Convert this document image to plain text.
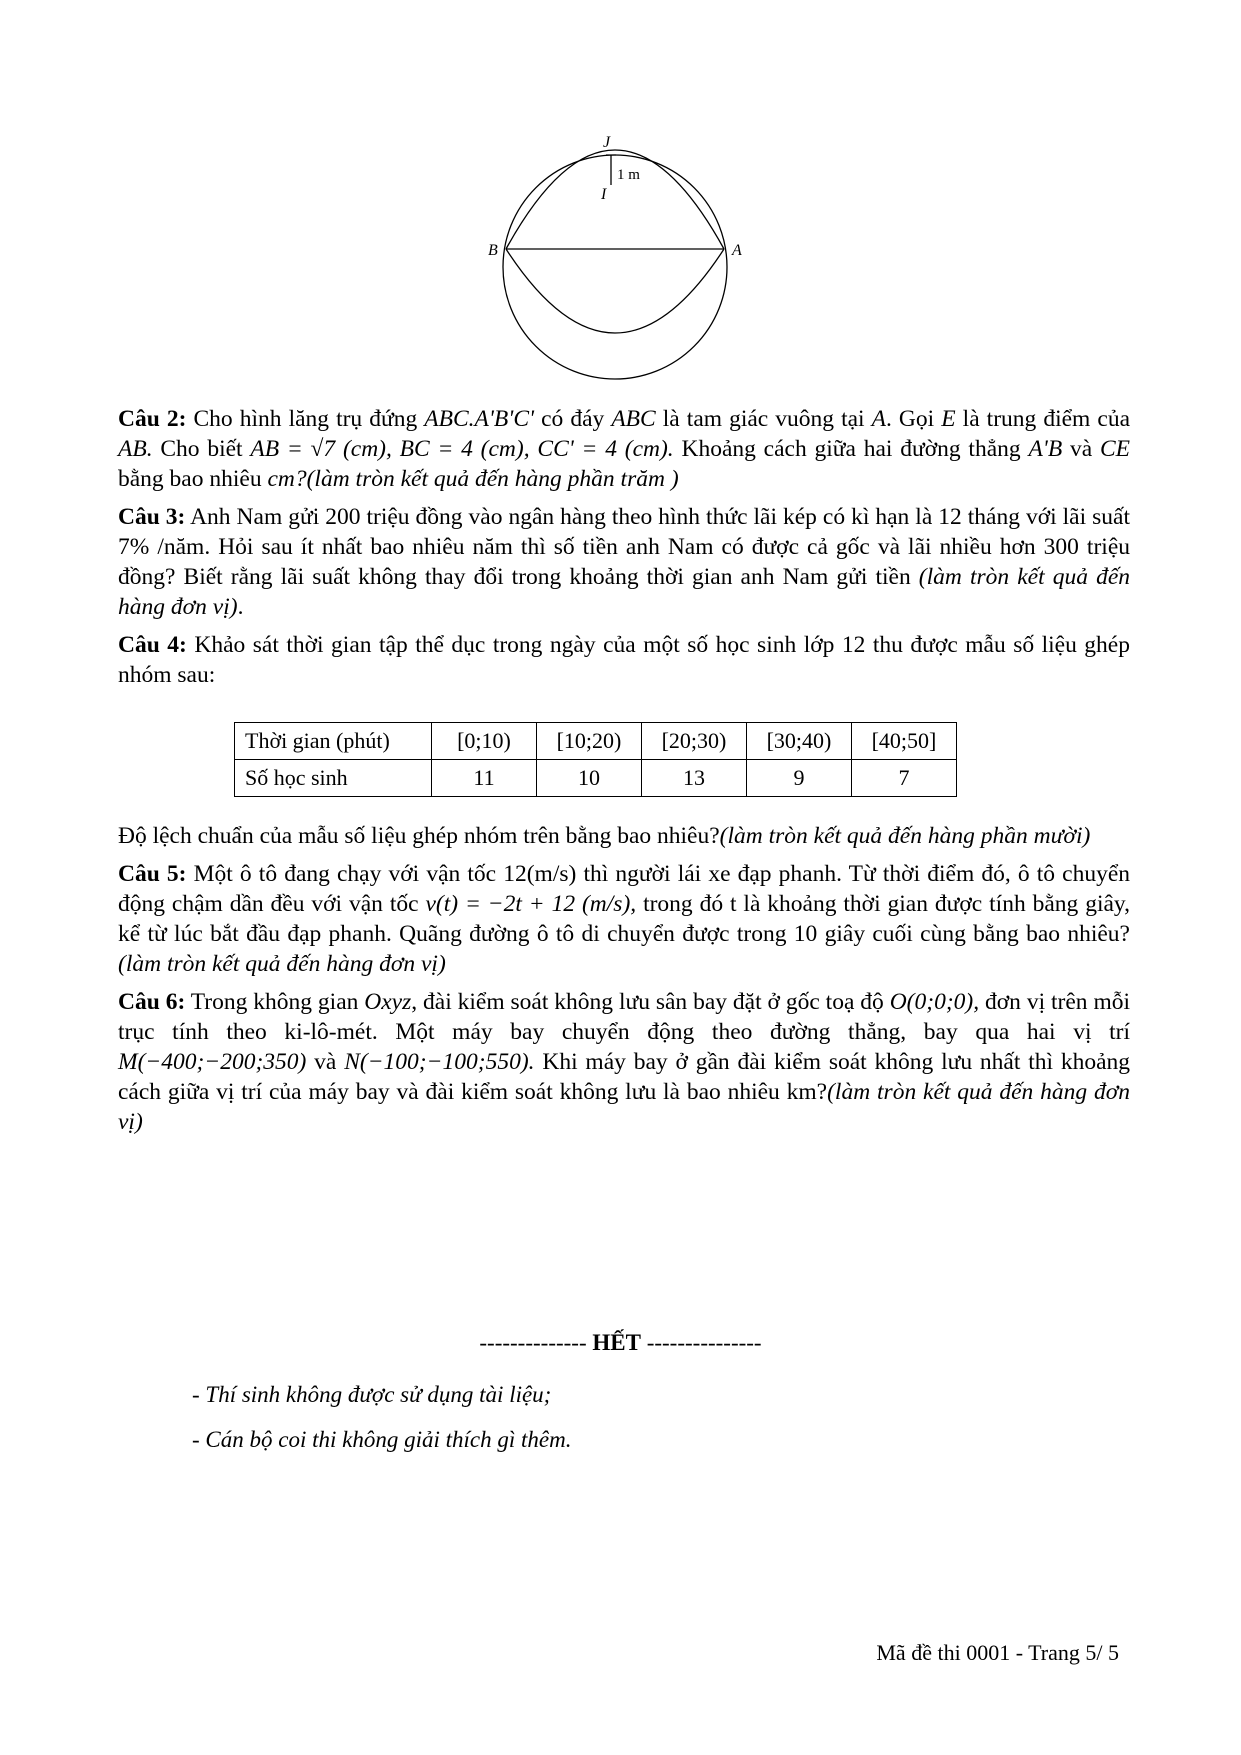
J
I
B	A
1 m

Câu 2: Cho hình lăng trụ đứng ABC.A'B'C' có đáy ABC là tam giác vuông tại A. Gọi E là trung điểm của AB. Cho biết AB = √7 (cm), BC = 4 (cm), CC' = 4 (cm). Khoảng cách giữa hai đường thẳng A'B và CE bằng bao nhiêu cm?(làm tròn kết quả đến hàng phần trăm )

Câu 3: Anh Nam gửi 200 triệu đồng vào ngân hàng theo hình thức lãi kép có kì hạn là 12 tháng với lãi suất 7% /năm. Hỏi sau ít nhất bao nhiêu năm thì số tiền anh Nam có được cả gốc và lãi nhiều hơn 300 triệu đồng? Biết rằng lãi suất không thay đổi trong khoảng thời gian anh Nam gửi tiền (làm tròn kết quả đến hàng đơn vị).

Câu 4: Khảo sát thời gian tập thể dục trong ngày của một số học sinh lớp 12 thu được mẫu số liệu ghép nhóm sau:

Thời gian (phút)	[0;10)	[10;20)	[20;30)	[30;40)	[40;50]
Số học sinh	11	10	13	9	7

Độ lệch chuẩn của mẫu số liệu ghép nhóm trên bằng bao nhiêu?(làm tròn kết quả đến hàng phần mười)

Câu 5: Một ô tô đang chạy với vận tốc 12(m/s) thì người lái xe đạp phanh. Từ thời điểm đó, ô tô chuyển động chậm dần đều với vận tốc v(t) = −2t + 12 (m/s), trong đó t là khoảng thời gian được tính bằng giây, kể từ lúc bắt đầu đạp phanh. Quãng đường ô tô di chuyển được trong 10 giây cuối cùng bằng bao nhiêu?(làm tròn kết quả đến hàng đơn vị)

Câu 6: Trong không gian Oxyz, đài kiểm soát không lưu sân bay đặt ở gốc toạ độ O(0;0;0), đơn vị trên mỗi trục tính theo ki-lô-mét. Một máy bay chuyển động theo đường thẳng, bay qua hai vị trí M(−400;−200;350) và N(−100;−100;550). Khi máy bay ở gần đài kiểm soát không lưu nhất thì khoảng cách giữa vị trí của máy bay và đài kiểm soát không lưu là bao nhiêu km?(làm tròn kết quả đến hàng đơn vị)

-------------- HẾT ---------------
- Thí sinh không được sử dụng tài liệu;
- Cán bộ coi thi không giải thích gì thêm.
Mã đề thi 0001 - Trang 5/ 5
